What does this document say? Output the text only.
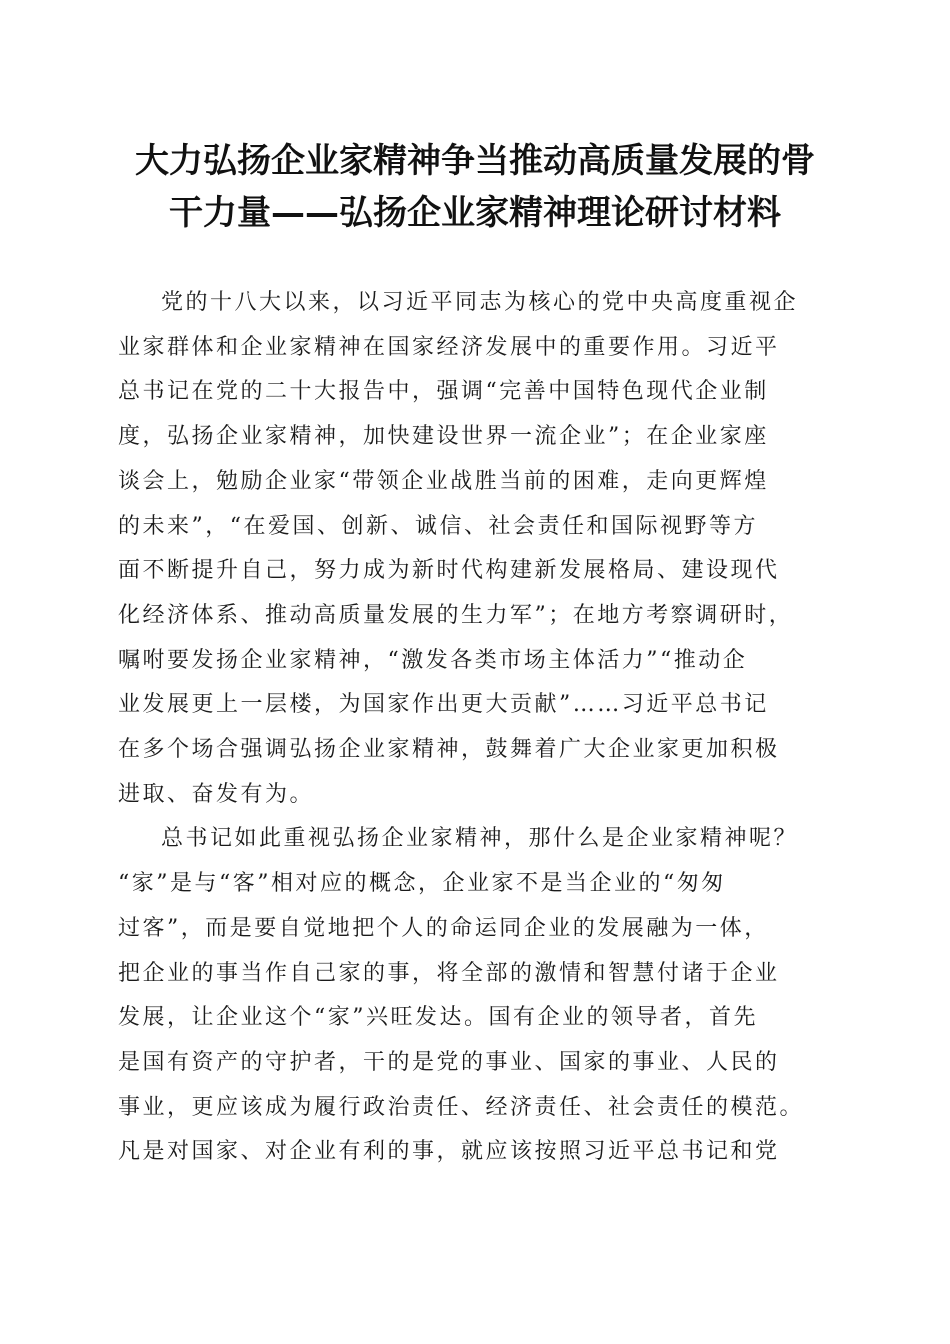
大力弘扬企业家精神争当推动高质量发展的骨
干力量——弘扬企业家精神理论研讨材料

党的十八大以来，以习近平同志为核心的党中央高度重视企
业家群体和企业家精神在国家经济发展中的重要作用。习近平
总书记在党的二十大报告中，强调“完善中国特色现代企业制
度，弘扬企业家精神，加快建设世界一流企业”；在企业家座
谈会上，勉励企业家“带领企业战胜当前的困难，走向更辉煌
的未来”，“在爱国、创新、诚信、社会责任和国际视野等方
面不断提升自己，努力成为新时代构建新发展格局、建设现代
化经济体系、推动高质量发展的生力军”；在地方考察调研时，
嘱咐要发扬企业家精神，“激发各类市场主体活力”“推动企
业发展更上一层楼，为国家作出更大贡献”……习近平总书记
在多个场合强调弘扬企业家精神，鼓舞着广大企业家更加积极
进取、奋发有为。

总书记如此重视弘扬企业家精神，那什么是企业家精神呢？
“家”是与“客”相对应的概念，企业家不是当企业的“匆匆
过客”，而是要自觉地把个人的命运同企业的发展融为一体，
把企业的事当作自己家的事，将全部的激情和智慧付诸于企业
发展，让企业这个“家”兴旺发达。国有企业的领导者，首先
是国有资产的守护者，干的是党的事业、国家的事业、人民的
事业，更应该成为履行政治责任、经济责任、社会责任的模范。
凡是对国家、对企业有利的事，就应该按照习近平总书记和党
